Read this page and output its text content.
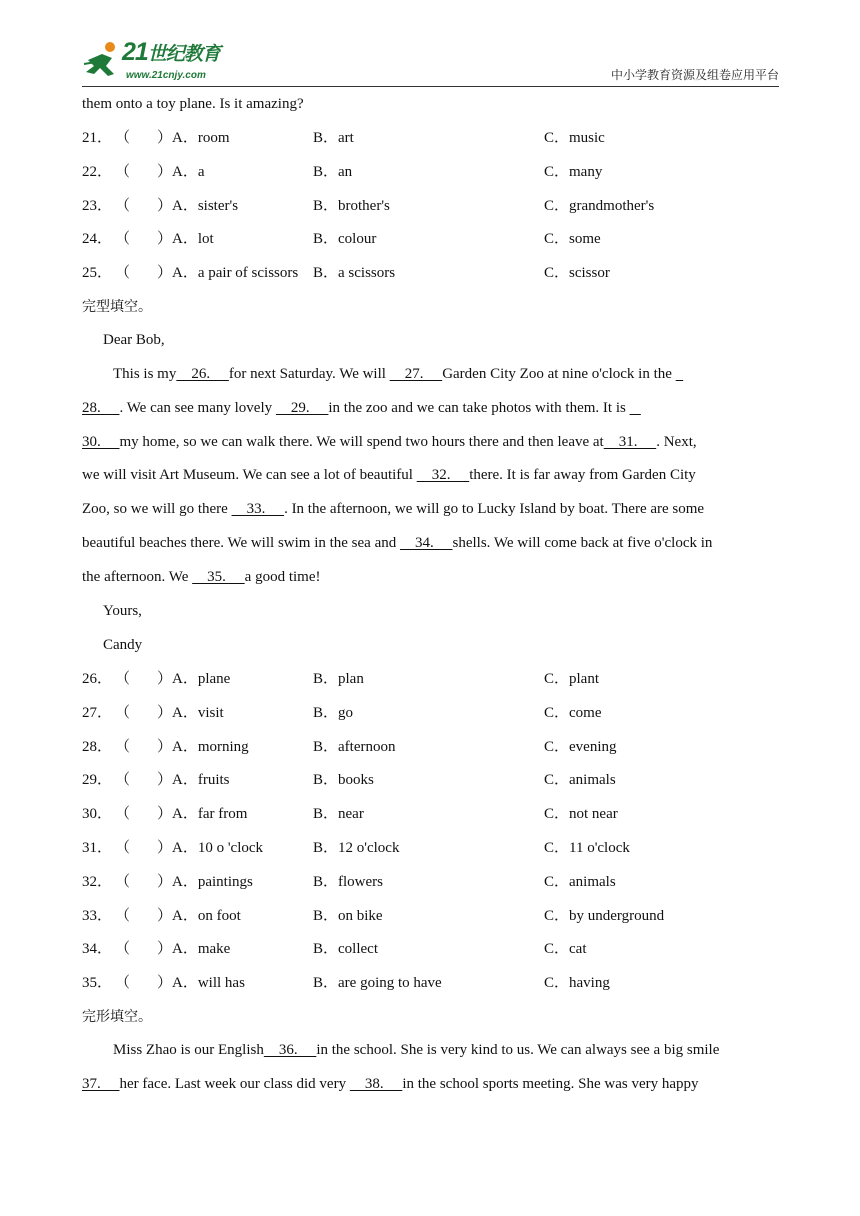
21世纪教育
www.21cnjy.com	中小学教育资源及组卷应用平台
them onto a toy plane. Is it amazing?
21． （ ） A．room	B．art	C．music
22． （ ） A．a	B．an	C．many
23． （ ） A．sister's	B．brother's	C．grandmother's
24． （ ） A．lot	B．colour	C．some
25． （ ） A．a pair of scissors B．a scissors	C．scissor
完型填空。
Dear Bob,
This is my    26.     for next Saturday. We will     27.     Garden City Zoo at nine o'clock in the
28.     . We can see many lovely     29.     in the zoo and we can take photos with them. It is
30.     my home, so we can walk there. We will spend two hours there and then leave at    31.     . Next,
we will visit Art Museum. We can see a lot of beautiful     32.     there. It is far away from Garden City
Zoo, so we will go there     33.     . In the afternoon, we will go to Lucky Island by boat. There are some
beautiful beaches there. We will swim in the sea and     34.     shells. We will come back at five o'clock in
the afternoon. We     35.     a good time!
Yours,
Candy
26． （ ） A．plane	B．plan	C．plant
27． （ ） A．visit	B．go	C．come
28． （ ） A．morning	B．afternoon	C．evening
29． （ ） A．fruits	B．books	C．animals
30． （ ） A．far from	B．near	C．not near
31． （ ） A．10 o 'clock	B．12 o'clock	C．11 o'clock
32． （ ） A．paintings	B．flowers	C．animals
33． （ ） A．on foot	B．on bike	C．by underground
34． （ ） A．make	B．collect	C．cat
35． （ ） A．will has	B．are going to have	C．having
完形填空。
Miss Zhao is our English    36.     in the school. She is very kind to us. We can always see a big smile
37.     her face. Last week our class did very     38.     in the school sports meeting. She was very happy
